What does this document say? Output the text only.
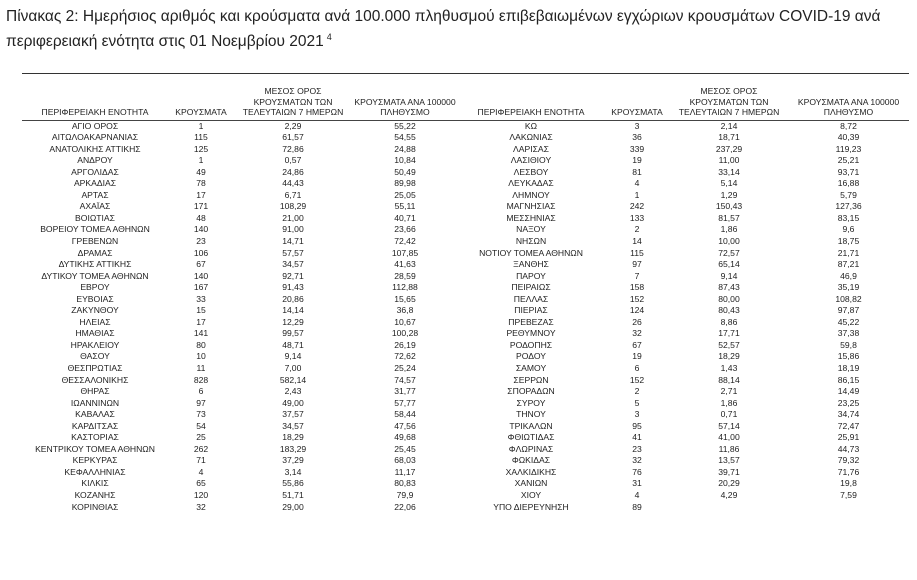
Πίνακας 2: Ημερήσιος αριθμός και κρούσματα ανά 100.000 πληθυσμού επιβεβαιωμένων εγχώριων κρουσμάτων COVID-19 ανά περιφερειακή ενότητα στις 01 Νοεμβρίου 2021 $^4$
ΠΕΡΙΦΕΡΕΙΑΚΗ ΕΝΟΤΗΤΑ	ΚΡΟΥΣΜΑΤΑ	ΜΕΣΟΣ ΟΡΟΣ ΚΡΟΥΣΜΑΤΩΝ ΤΩΝ ΤΕΛΕΥΤΑΙΩΝ 7 ΗΜΕΡΩΝ	ΚΡΟΥΣΜΑΤΑ ΑΝΑ 100000 ΠΛΗΘΥΣΜΟ	ΠΕΡΙΦΕΡΕΙΑΚΗ ΕΝΟΤΗΤΑ	ΚΡΟΥΣΜΑΤΑ	ΜΕΣΟΣ ΟΡΟΣ ΚΡΟΥΣΜΑΤΩΝ ΤΩΝ ΤΕΛΕΥΤΑΙΩΝ 7 ΗΜΕΡΩΝ	ΚΡΟΥΣΜΑΤΑ ΑΝΑ 100000 ΠΛΗΘΥΣΜΟ
ΑΓΙΟ ΟΡΟΣ	1	2,29	55,22	ΚΩ	3	2,14	8,72
ΑΙΤΩΛΟΑΚΑΡΝΑΝΙΑΣ	115	61,57	54,55	ΛΑΚΩΝΙΑΣ	36	18,71	40,39
ΑΝΑΤΟΛΙΚΗΣ ΑΤΤΙΚΗΣ	125	72,86	24,88	ΛΑΡΙΣΑΣ	339	237,29	119,23
ΑΝΔΡΟΥ	1	0,57	10,84	ΛΑΣΙΘΙΟΥ	19	11,00	25,21
ΑΡΓΟΛΙΔΑΣ	49	24,86	50,49	ΛΕΣΒΟΥ	81	33,14	93,71
ΑΡΚΑΔΙΑΣ	78	44,43	89,98	ΛΕΥΚΑΔΑΣ	4	5,14	16,88
ΑΡΤΑΣ	17	6,71	25,05	ΛΗΜΝΟΥ	1	1,29	5,79
ΑΧΑΪΑΣ	171	108,29	55,11	ΜΑΓΝΗΣΙΑΣ	242	150,43	127,36
ΒΟΙΩΤΙΑΣ	48	21,00	40,71	ΜΕΣΣΗΝΙΑΣ	133	81,57	83,15
ΒΟΡΕΙΟΥ ΤΟΜΕΑ ΑΘΗΝΩΝ	140	91,00	23,66	ΝΑΞΟΥ	2	1,86	9,6
ΓΡΕΒΕΝΩΝ	23	14,71	72,42	ΝΗΣΩΝ	14	10,00	18,75
ΔΡΑΜΑΣ	106	57,57	107,85	ΝΟΤΙΟΥ ΤΟΜΕΑ ΑΘΗΝΩΝ	115	72,57	21,71
ΔΥΤΙΚΗΣ ΑΤΤΙΚΗΣ	67	34,57	41,63	ΞΑΝΘΗΣ	97	65,14	87,21
ΔΥΤΙΚΟΥ ΤΟΜΕΑ ΑΘΗΝΩΝ	140	92,71	28,59	ΠΑΡΟΥ	7	9,14	46,9
ΕΒΡΟΥ	167	91,43	112,88	ΠΕΙΡΑΙΩΣ	158	87,43	35,19
ΕΥΒΟΙΑΣ	33	20,86	15,65	ΠΕΛΛΑΣ	152	80,00	108,82
ΖΑΚΥΝΘΟΥ	15	14,14	36,8	ΠΙΕΡΙΑΣ	124	80,43	97,87
ΗΛΕΙΑΣ	17	12,29	10,67	ΠΡΕΒΕΖΑΣ	26	8,86	45,22
ΗΜΑΘΙΑΣ	141	99,57	100,28	ΡΕΘΥΜΝΟΥ	32	17,71	37,38
ΗΡΑΚΛΕΙΟΥ	80	48,71	26,19	ΡΟΔΟΠΗΣ	67	52,57	59,8
ΘΑΣΟΥ	10	9,14	72,62	ΡΟΔΟΥ	19	18,29	15,86
ΘΕΣΠΡΩΤΙΑΣ	11	7,00	25,24	ΣΑΜΟΥ	6	1,43	18,19
ΘΕΣΣΑΛΟΝΙΚΗΣ	828	582,14	74,57	ΣΕΡΡΩΝ	152	88,14	86,15
ΘΗΡΑΣ	6	2,43	31,77	ΣΠΟΡΑΔΩΝ	2	2,71	14,49
ΙΩΑΝΝΙΝΩΝ	97	49,00	57,77	ΣΥΡΟΥ	5	1,86	23,25
ΚΑΒΑΛΑΣ	73	37,57	58,44	ΤΗΝΟΥ	3	0,71	34,74
ΚΑΡΔΙΤΣΑΣ	54	34,57	47,56	ΤΡΙΚΑΛΩΝ	95	57,14	72,47
ΚΑΣΤΟΡΙΑΣ	25	18,29	49,68	ΦΘΙΩΤΙΔΑΣ	41	41,00	25,91
ΚΕΝΤΡΙΚΟΥ ΤΟΜΕΑ ΑΘΗΝΩΝ	262	183,29	25,45	ΦΛΩΡΙΝΑΣ	23	11,86	44,73
ΚΕΡΚΥΡΑΣ	71	37,29	68,03	ΦΩΚΙΔΑΣ	32	13,57	79,32
ΚΕΦΑΛΛΗΝΙΑΣ	4	3,14	11,17	ΧΑΛΚΙΔΙΚΗΣ	76	39,71	71,76
ΚΙΛΚΙΣ	65	55,86	80,83	ΧΑΝΙΩΝ	31	20,29	19,8
ΚΟΖΑΝΗΣ	120	51,71	79,9	ΧΙΟΥ	4	4,29	7,59
ΚΟΡΙΝΘΙΑΣ	32	29,00	22,06	ΥΠΟ ΔΙΕΡΕΥΝΗΣΗ	89		
